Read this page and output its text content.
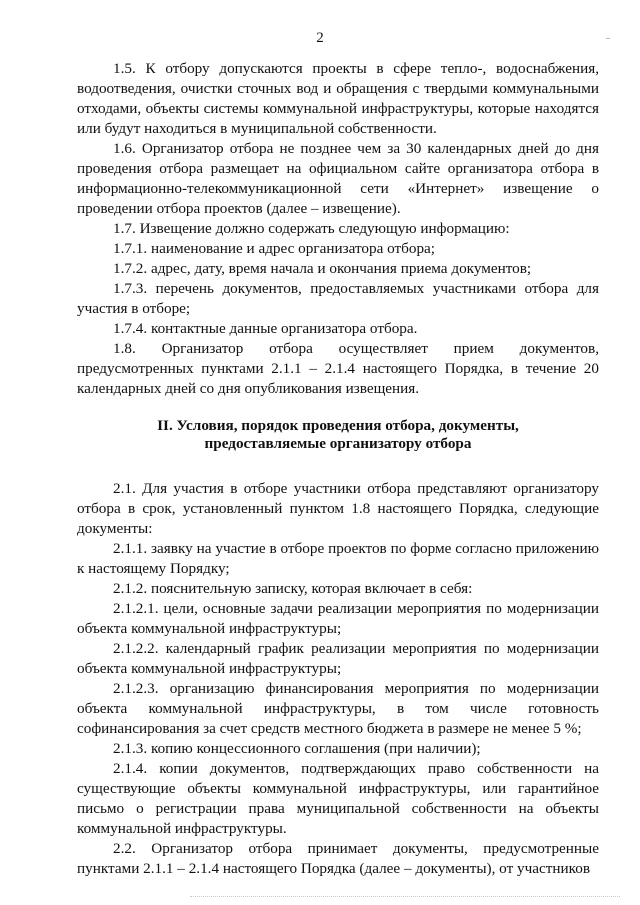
2

1.5. К отбору допускаются проекты в сфере тепло-, водоснабжения, водоотведения, очистки сточных вод и обращения с твердыми коммунальными отходами, объекты системы коммунальной инфраструктуры, которые находятся или будут находиться в муниципальной собственности.

1.6. Организатор отбора не позднее чем за 30 календарных дней до дня проведения отбора размещает на официальном сайте организатора отбора в информационно-телекоммуникационной сети «Интернет» извещение о проведении отбора проектов (далее – извещение).

1.7. Извещение должно содержать следующую информацию:

1.7.1. наименование и адрес организатора отбора;

1.7.2. адрес, дату, время начала и окончания приема документов;

1.7.3. перечень документов, предоставляемых участниками отбора для участия в отборе;

1.7.4. контактные данные организатора отбора.

1.8. Организатор отбора осуществляет прием документов, предусмотренных пунктами 2.1.1 – 2.1.4 настоящего Порядка, в течение 20 календарных дней со дня опубликования извещения.

II. Условия, порядок проведения отбора, документы,
предоставляемые организатору отбора

2.1. Для участия в отборе участники отбора представляют организатору отбора в срок, установленный пунктом 1.8 настоящего Порядка, следующие документы:

2.1.1. заявку на участие в отборе проектов по форме согласно приложению к настоящему Порядку;

2.1.2. пояснительную записку, которая включает в себя:

2.1.2.1. цели, основные задачи реализации мероприятия по модернизации объекта коммунальной инфраструктуры;

2.1.2.2. календарный график реализации мероприятия по модернизации объекта коммунальной инфраструктуры;

2.1.2.3. организацию финансирования мероприятия по модернизации объекта коммунальной инфраструктуры, в том числе готовность софинансирования за счет средств местного бюджета в размере не менее 5 %;

2.1.3. копию концессионного соглашения (при наличии);

2.1.4. копии документов, подтверждающих право собственности на существующие объекты коммунальной инфраструктуры, или гарантийное письмо о регистрации права муниципальной собственности на объекты коммунальной инфраструктуры.

2.2. Организатор отбора принимает документы, предусмотренные пунктами 2.1.1 – 2.1.4 настоящего Порядка (далее – документы), от участников
